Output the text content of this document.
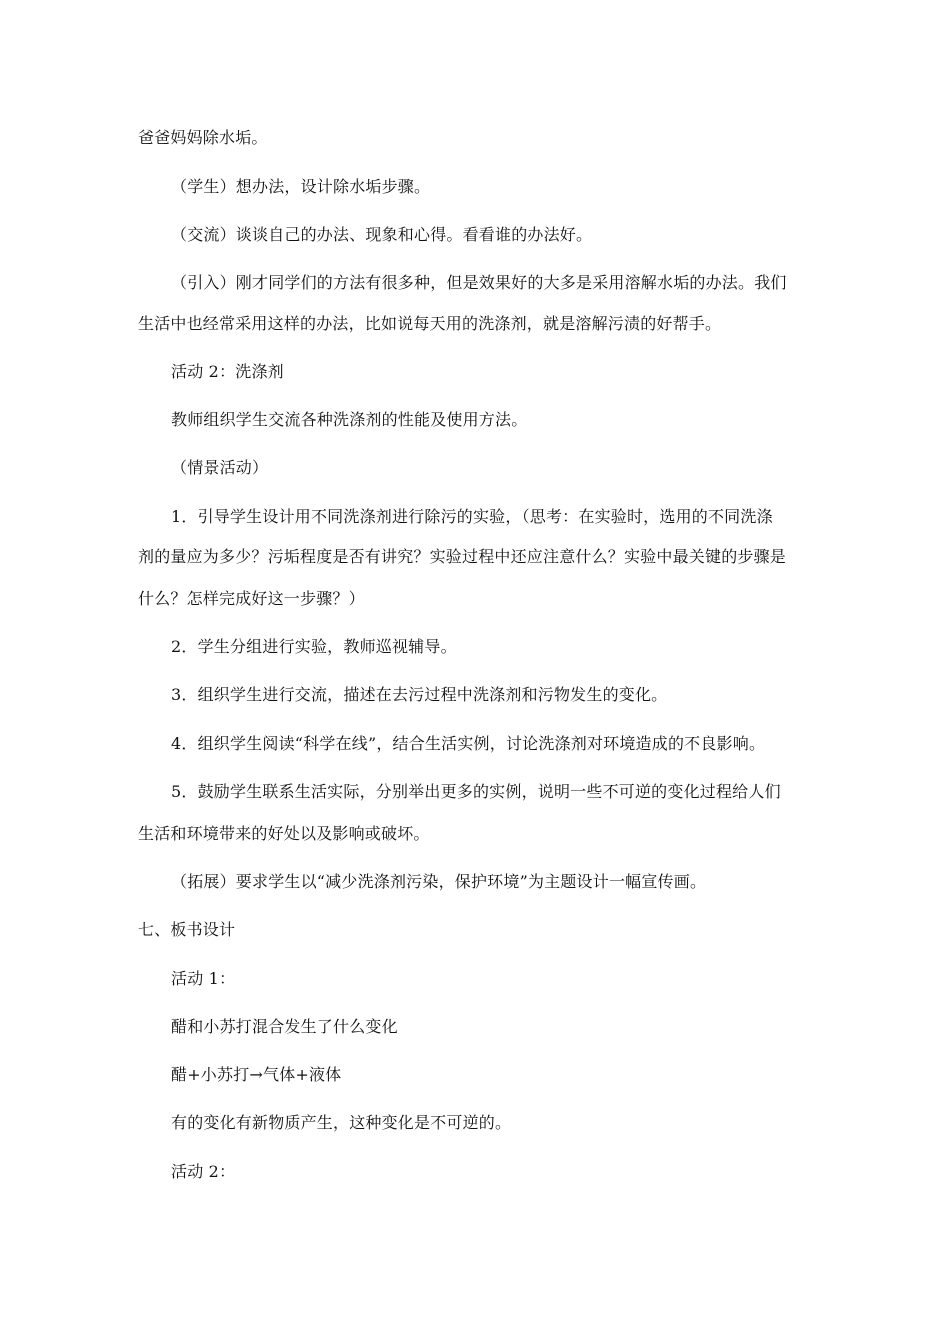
爸爸妈妈除水垢。
（学生）想办法，设计除水垢步骤。
（交流）谈谈自己的办法、现象和心得。看看谁的办法好。
（引入）刚才同学们的方法有很多种，但是效果好的大多是采用溶解水垢的办法。我们
生活中也经常采用这样的办法，比如说每天用的洗涤剂，就是溶解污渍的好帮手。
活动 2：洗涤剂
教师组织学生交流各种洗涤剂的性能及使用方法。
（情景活动）
1．引导学生设计用不同洗涤剂进行除污的实验，（思考：在实验时，选用的不同洗涤
剂的量应为多少？污垢程度是否有讲究？实验过程中还应注意什么？实验中最关键的步骤是
什么？怎样完成好这一步骤？）
2．学生分组进行实验，教师巡视辅导。
3．组织学生进行交流，描述在去污过程中洗涤剂和污物发生的变化。
4．组织学生阅读“科学在线”，结合生活实例，讨论洗涤剂对环境造成的不良影响。
5．鼓励学生联系生活实际，分别举出更多的实例，说明一些不可逆的变化过程给人们
生活和环境带来的好处以及影响或破坏。
（拓展）要求学生以“减少洗涤剂污染，保护环境”为主题设计一幅宣传画。
七、板书设计
活动 1：
醋和小苏打混合发生了什么变化
醋+小苏打→气体+液体
有的变化有新物质产生，这种变化是不可逆的。
活动 2：
